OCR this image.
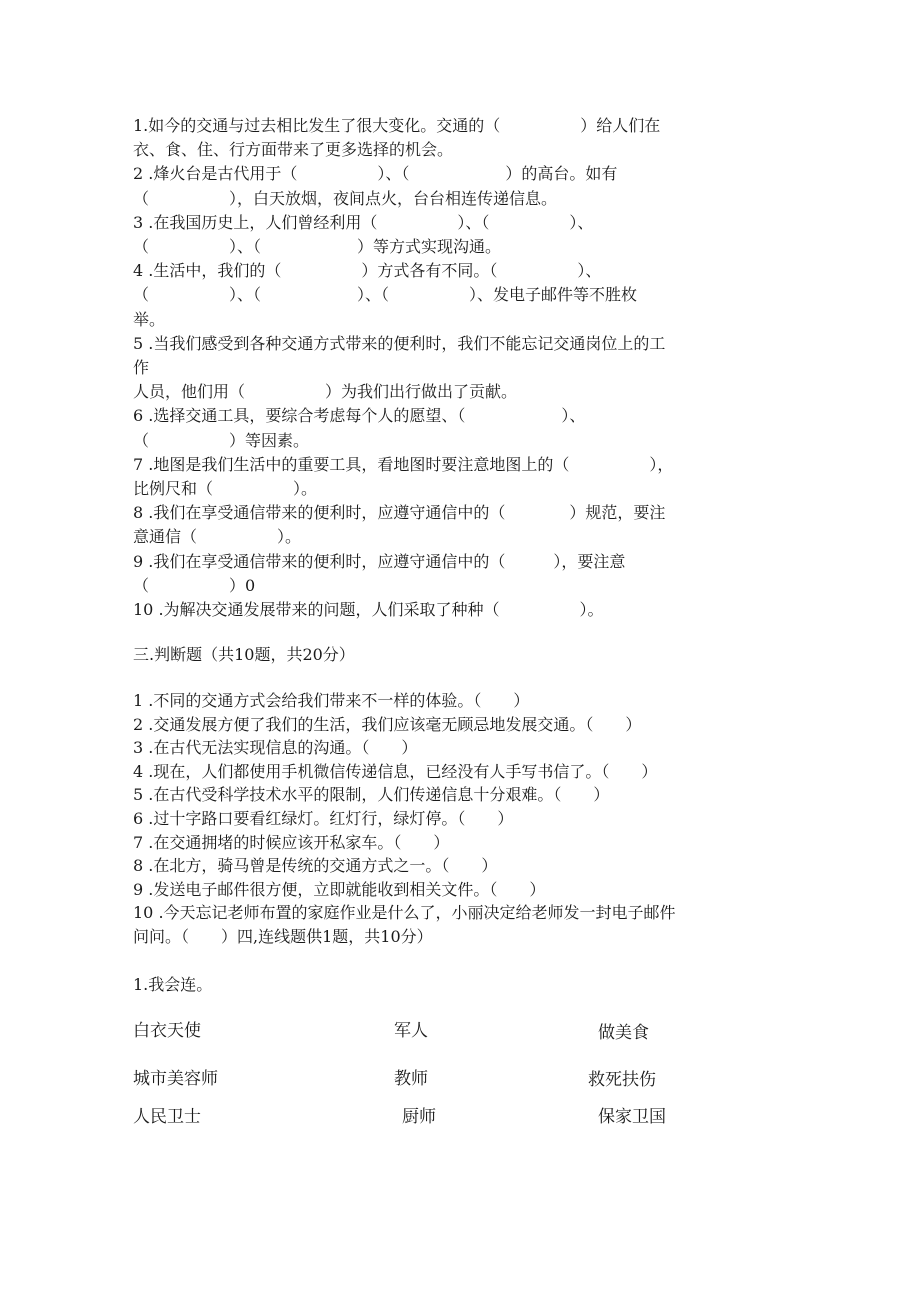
1.如今的交通与过去相比发生了很大变化。交通的（　　　　　）给人们在
衣、食、住、行方面带来了更多选择的机会。
2 .烽火台是古代用于（　　　　　）、（　　　　　　）的高台。如有
（　　　　　），白天放烟，夜间点火，台台相连传递信息。
3 .在我国历史上，人们曾经利用（　　　　　）、（　　　　　）、
（　　　　　）、（　　　　　　）等方式实现沟通。
4 .生活中，我们的（　　　　　）方式各有不同。（　　　　　）、
（　　　　　）、（　　　　　　）、（　　　　　）、发电子邮件等不胜枚
举。
5 .当我们感受到各种交通方式带来的便利时，我们不能忘记交通岗位上的工
作
人员，他们用（　　　　　）为我们出行做出了贡献。
6 .选择交通工具，要综合考虑每个人的愿望、（　　　　　　）、
（　　　　　）等因素。
7 .地图是我们生活中的重要工具，看地图时要注意地图上的（　　　　　），
比例尺和（　　　　　）。
8 .我们在享受通信带来的便利时，应遵守通信中的（　　　　）规范，要注
意通信（　　　　　）。
9 .我们在享受通信带来的便利时，应遵守通信中的（　　　），要注意
（　　　　　）0
10 .为解决交通发展带来的问题，人们采取了种种（　　　　　）。
三.判断题（共10题，共20分）
1 .不同的交通方式会给我们带来不一样的体验。（　　）
2 .交通发展方便了我们的生活，我们应该毫无顾忌地发展交通。（　　）
3 .在古代无法实现信息的沟通。（　　）
4 .现在，人们都使用手机微信传递信息，已经没有人手写书信了。（　　）
5 .在古代受科学技术水平的限制，人们传递信息十分艰难。（　　）
6 .过十字路口要看红绿灯。红灯行，绿灯停。（　　）
7 .在交通拥堵的时候应该开私家车。（　　）
8 .在北方，骑马曾是传统的交通方式之一。（　　）
9 .发送电子邮件很方便，立即就能收到相关文件。（　　）
10 .今天忘记老师布置的家庭作业是什么了，小丽决定给老师发一封电子邮件
问问。（　　）四,连线题供1题，共10分）
1.我会连。
白衣天使
城市美容师
人民卫士
军人
教师
厨师
做美食
救死扶伤
保家卫国
